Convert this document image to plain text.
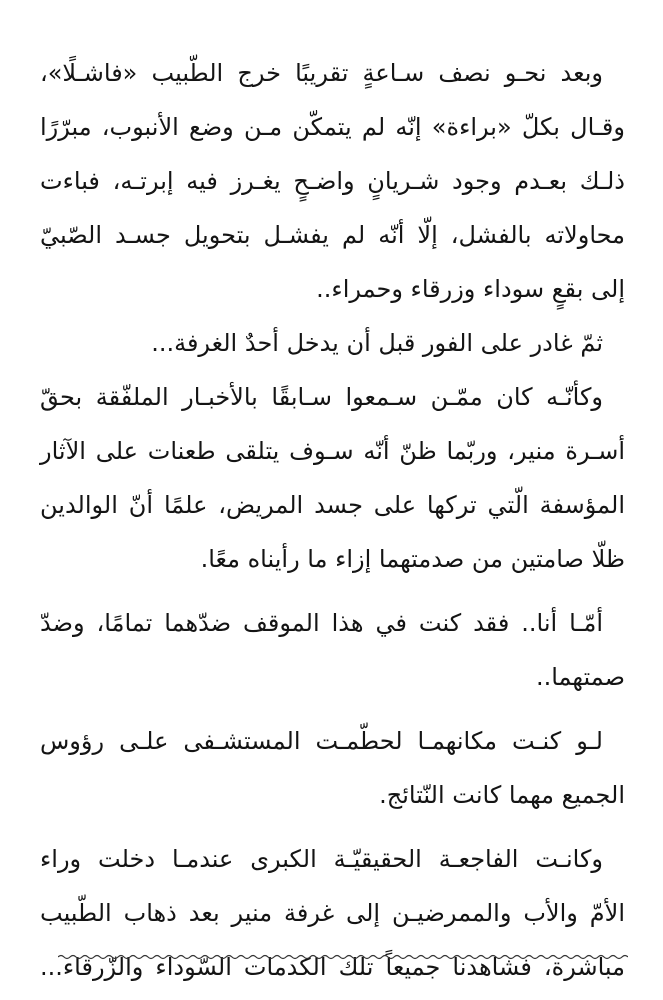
وبعد نحـو نصف سـاعةٍ تقريبًا خرج الطّبيب «فاشـلًا»،
وقـال بكلّ «براءة» إنّه لم يتمكّن مـن وضع الأنبوب، مبرّرًا
ذلـك بعـدم وجود شـريانٍ واضـحٍ يغـرز فيه إبرتـه، فباءت
محاولاته بالفشل، إلّا أنّه لم يفشـل بتحويل جسـد الصّبيّ
إلى بقعٍ سوداء وزرقاء وحمراء..
ثمّ غادر على الفور قبل أن يدخل أحدٌ الغرفة...
وكأنّـه كان ممّـن سـمعوا سـابقًا بالأخبـار الملفّقة بحقّ
أسـرة منير، وربّما ظنّ أنّه سـوف يتلقى طعنات على الآثار
المؤسفة الّتي تركها على جسد المريض، علمًا أنّ الوالدين
ظلّا صامتين من صدمتهما إزاء ما رأيناه معًا.
أمّـا أنا.. فقد كنت في هذا الموقف ضدّهما تمامًا، وضدّ
صمتهما..
لـو كنـت مكانهمـا لحطّمـت المستشـفى علـى رؤوس
الجميع مهما كانت النّتائج.
وكانـت الفاجعـة الحقيقيّـة الكبرى عندمـا دخلت وراء
الأمّ والأب والممرضيـن إلى غرفة منير بعد ذهاب الطّبيب
مباشرة، فشاهدنا جميعاً تلك الكدمات السّوداء والزّرقاء...
